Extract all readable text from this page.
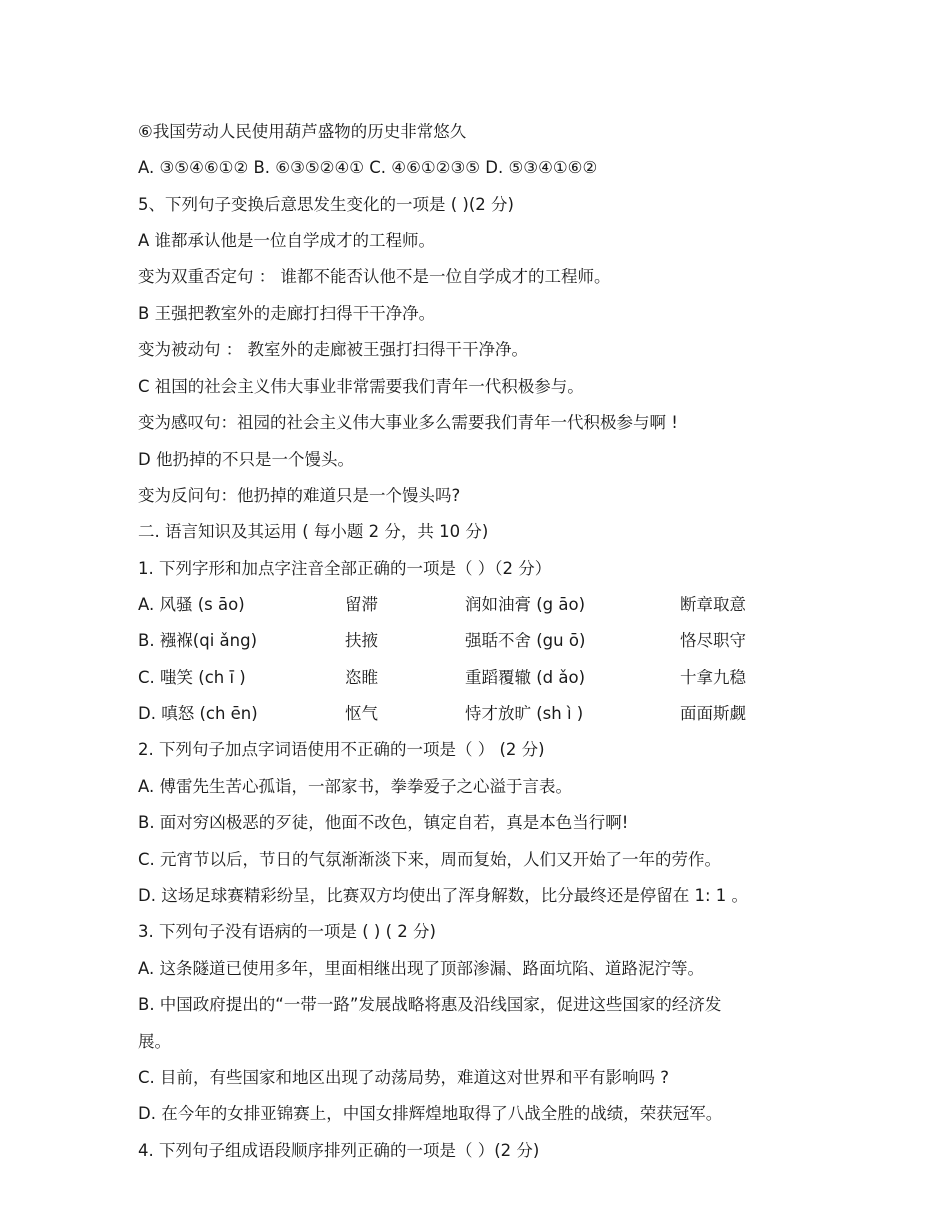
⑥我国劳动人民使用葫芦盛物的历史非常悠久
A. ③⑤④⑥①② B. ⑥③⑤②④① C. ④⑥①②③⑤ D. ⑤③④①⑥②
5、下列句子变换后意思发生变化的一项是 ( )(2 分)
A 谁都承认他是一位自学成才的工程师。
变为双重否定句 ： 谁都不能否认他不是一位自学成才的工程师。
B 王强把教室外的走廊打扫得干干净净。
变为被动句 ： 教室外的走廊被王强打扫得干干净净。
C 祖国的社会主义伟大事业非常需要我们青年一代积极参与。
变为感叹句：祖园的社会主义伟大事业多么需要我们青年一代积极参与啊 !
D 他扔掉的不只是一个馒头。
变为反问句：他扔掉的难道只是一个馒头吗?
二. 语言知识及其运用 ( 每小题 2 分，共 10 分)
1. 下列字形和加点字注音全部正确的一项是（ ）（2 分）
A. 风骚 (s āo)	留滞	润如油膏 (g āo)	断章取意
B. 襁褓(qi ǎng)	扶掖	强聒不舍 (gu ō)	恪尽职守
C. 嗤笑 (ch ī )	恣睢	重蹈覆辙 (d ǎo)	十拿九稳
D. 嗔怒 (ch ēn)	怄气	恃才放旷 (sh ì )	面面斯觑
2. 下列句子加点字词语使用不正确的一项是（ ） (2 分)
A. 傅雷先生苦心孤诣，一部家书，拳拳爱子之心溢于言表。
B. 面对穷凶极恶的歹徒，他面不改色，镇定自若，真是本色当行啊!
C. 元宵节以后，节日的气氛渐渐淡下来，周而复始，人们又开始了一年的劳作。
D. 这场足球赛精彩纷呈，比赛双方均使出了浑身解数，比分最终还是停留在 1: 1 。
3. 下列句子没有语病的一项是 ( ) ( 2 分)
A. 这条隧道已使用多年，里面相继出现了顶部渗漏、路面坑陷、道路泥泞等。
B. 中国政府提出的“一带一路”发展战略将惠及沿线国家，促进这些国家的经济发
展。
C. 目前，有些国家和地区出现了动荡局势，难道这对世界和平有影响吗 ?
D. 在今年的女排亚锦赛上，中国女排辉煌地取得了八战全胜的战绩，荣获冠军。
4. 下列句子组成语段顺序排列正确的一项是（ ）(2 分)
